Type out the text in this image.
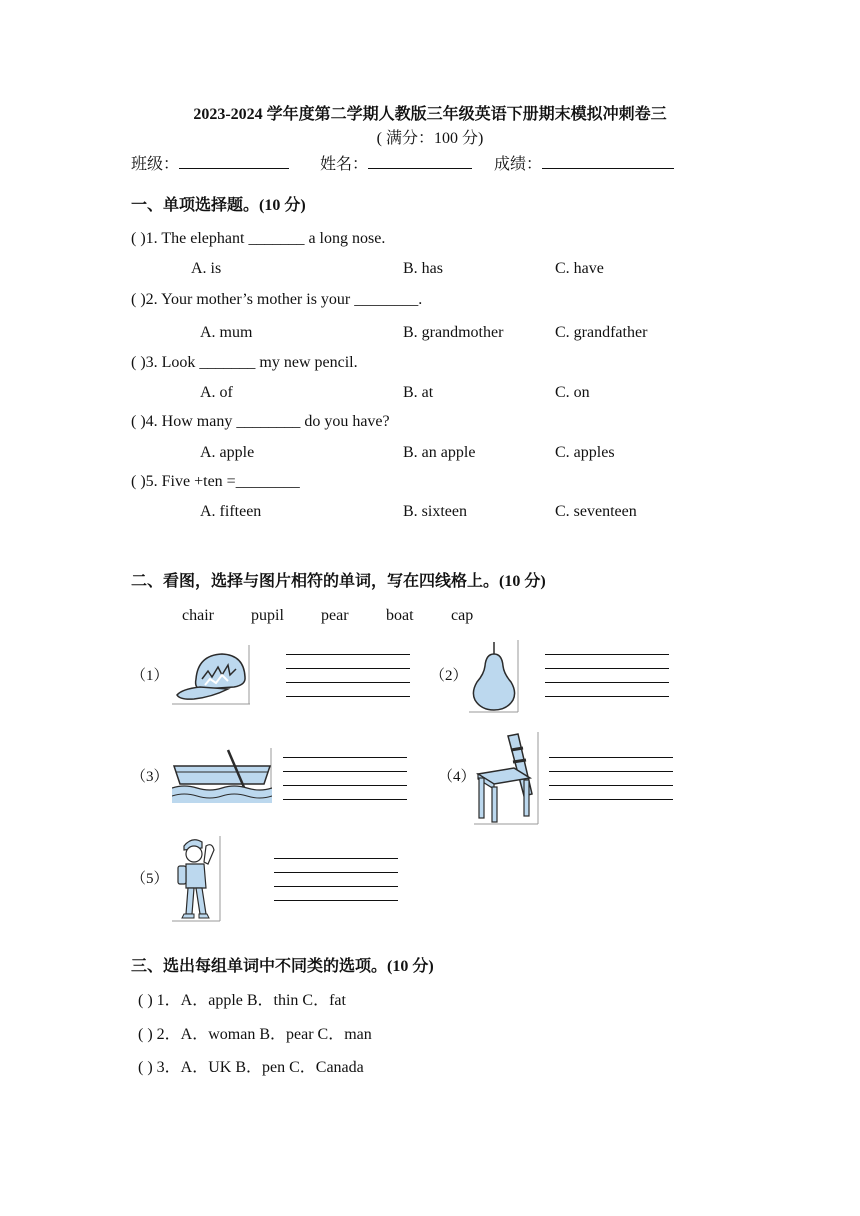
2023-2024 学年度第二学期人教版三年级英语下册期末模拟冲刺卷三
( 满分：100 分)
班级：	姓名：	成绩：
一、单项选择题。(10 分)
( )1. The elephant _______ a long nose.
A. is	B. has	C. have
( )2. Your mother’s mother is your ________.
A. mum	B. grandmother	C. grandfather
( )3. Look _______ my new pencil.
A. of	B. at	C. on
( )4. How many ________ do you have?
A. apple	B. an apple	C. apples
( )5. Five +ten =________
A. fifteen	B. sixteen	C. seventeen
二、看图，选择与图片相符的单词，写在四线格上。(10 分)
chair pupil pear boat cap
（1）	（2）
（3）	（4）
（5）
三、选出每组单词中不同类的选项。(10 分)
( ) 1．A．apple B．thin C．fat
( ) 2．A．woman B．pear C．man
( ) 3．A．UK B．pen C．Canada
